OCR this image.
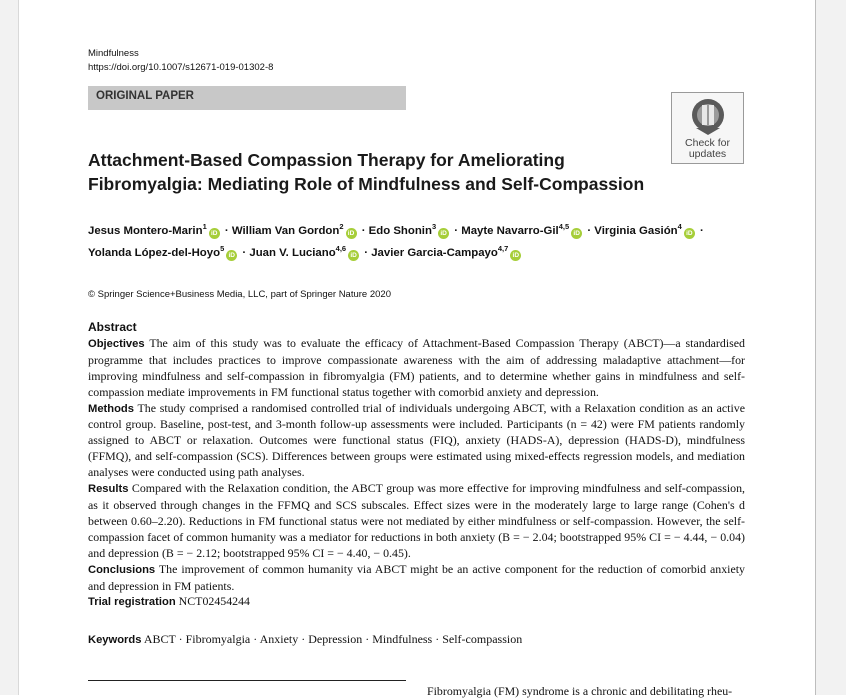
Mindfulness
https://doi.org/10.1007/s12671-019-01302-8
ORIGINAL PAPER
Check for
updates
Attachment-Based Compassion Therapy for Ameliorating
Fibromyalgia: Mediating Role of Mindfulness and Self-Compassion
Jesus Montero-Marin$^1$iD · William Van Gordon$^2$iD · Edo Shonin$^3$iD · Mayte Navarro-Gil$^{4,5}$iD · Virginia Gasión$^4$iD ·
Yolanda López-del-Hoyo$^5$iD · Juan V. Luciano$^{4,6}$iD · Javier Garcia-Campayo$^{4,7}$iD
© Springer Science+Business Media, LLC, part of Springer Nature 2020
Abstract

Objectives The aim of this study was to evaluate the efficacy of Attachment-Based Compassion Therapy (ABCT)—a standardised programme that includes practices to improve compassionate awareness with the aim of addressing maladaptive attachment—for improving mindfulness and self-compassion in fibromyalgia (FM) patients, and to determine whether gains in mindfulness and self-compassion mediate improvements in FM functional status together with comorbid anxiety and depression.

Methods The study comprised a randomised controlled trial of individuals undergoing ABCT, with a Relaxation condition as an active control group. Baseline, post-test, and 3-month follow-up assessments were included. Participants (n = 42) were FM patients randomly assigned to ABCT or relaxation. Outcomes were functional status (FIQ), anxiety (HADS-A), depression (HADS-D), mindfulness (FFMQ), and self-compassion (SCS). Differences between groups were estimated using mixed-effects regression models, and mediation analyses were conducted using path analyses.

Results Compared with the Relaxation condition, the ABCT group was more effective for improving mindfulness and self-compassion, as it observed through changes in the FFMQ and SCS subscales. Effect sizes were in the moderately large to large range (Cohen's d between 0.60–2.20). Reductions in FM functional status were not mediated by either mindfulness or self-compassion. However, the self-compassion facet of common humanity was a mediator for reductions in both anxiety (B = − 2.04; bootstrapped 95% CI = − 4.44, − 0.04) and depression (B = − 2.12; bootstrapped 95% CI = − 4.40, − 0.45).

Conclusions The improvement of common humanity via ABCT might be an active component for the reduction of comorbid anxiety and depression in FM patients.

Trial registration NCT02454244

Keywords ABCT · Fibromyalgia · Anxiety · Depression · Mindfulness · Self-compassion
Fibromyalgia (FM) syndrome is a chronic and debilitating rheu-
